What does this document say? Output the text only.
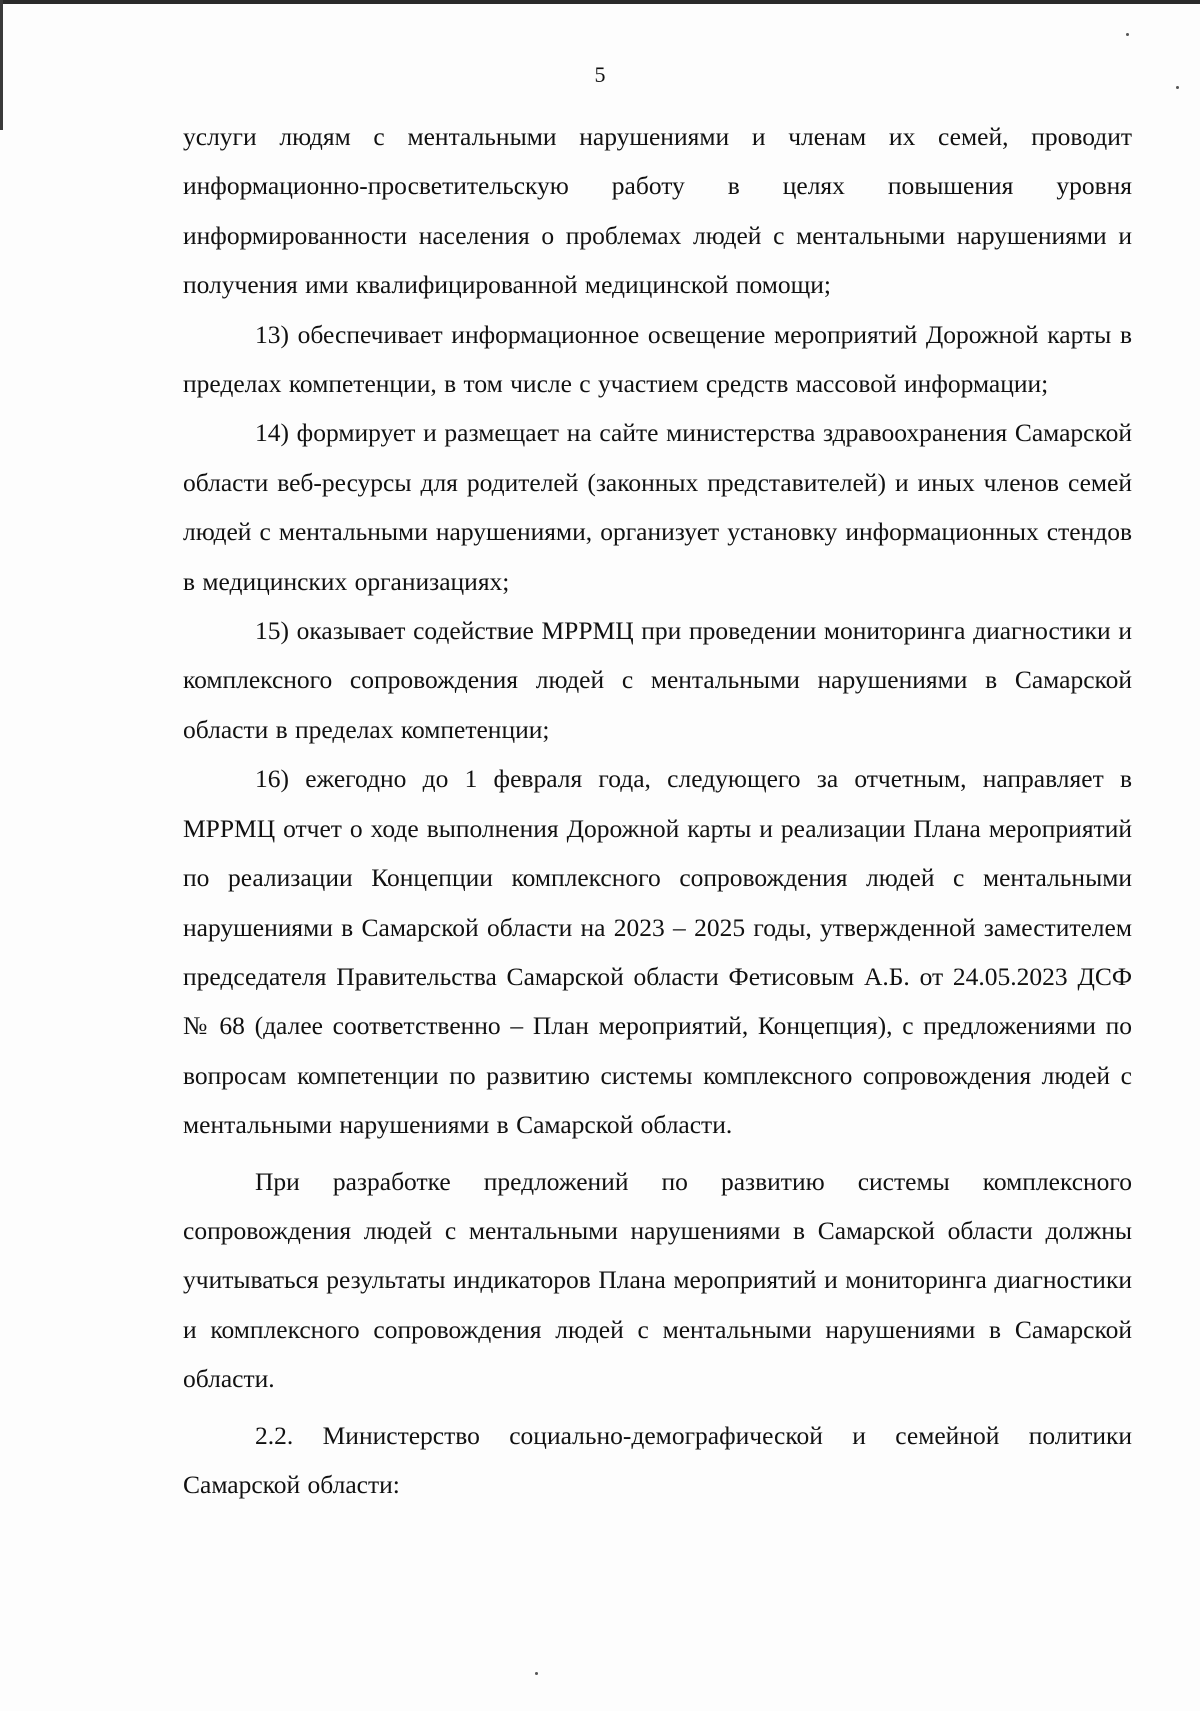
5

услуги людям с ментальными нарушениями и членам их семей, проводит информационно-просветительскую работу в целях повышения уровня информированности населения о проблемах людей с ментальными нарушениями и получения ими квалифицированной медицинской помощи;

13) обеспечивает информационное освещение мероприятий Дорожной карты в пределах компетенции, в том числе с участием средств массовой информации;

14) формирует и размещает на сайте министерства здравоохранения Самарской области веб-ресурсы для родителей (законных представителей) и иных членов семей людей с ментальными нарушениями, организует установку информационных стендов в медицинских организациях;

15) оказывает содействие МРРМЦ при проведении мониторинга диагностики и комплексного сопровождения людей с ментальными нарушениями в Самарской области в пределах компетенции;

16) ежегодно до 1 февраля года, следующего за отчетным, направляет в МРРМЦ отчет о ходе выполнения Дорожной карты и реализации Плана мероприятий по реализации Концепции комплексного сопровождения людей с ментальными нарушениями в Самарской области на 2023 – 2025 годы, утвержденной заместителем председателя Правительства Самарской области Фетисовым А.Б. от 24.05.2023 ДСФ № 68 (далее соответственно – План мероприятий, Концепция), с предложениями по вопросам компетенции по развитию системы комплексного сопровождения людей с ментальными нарушениями в Самарской области.

При разработке предложений по развитию системы комплексного сопровождения людей с ментальными нарушениями в Самарской области должны учитываться результаты индикаторов Плана мероприятий и мониторинга диагностики и комплексного сопровождения людей с ментальными нарушениями в Самарской области.

2.2. Министерство социально-демографической и семейной политики Самарской области:
